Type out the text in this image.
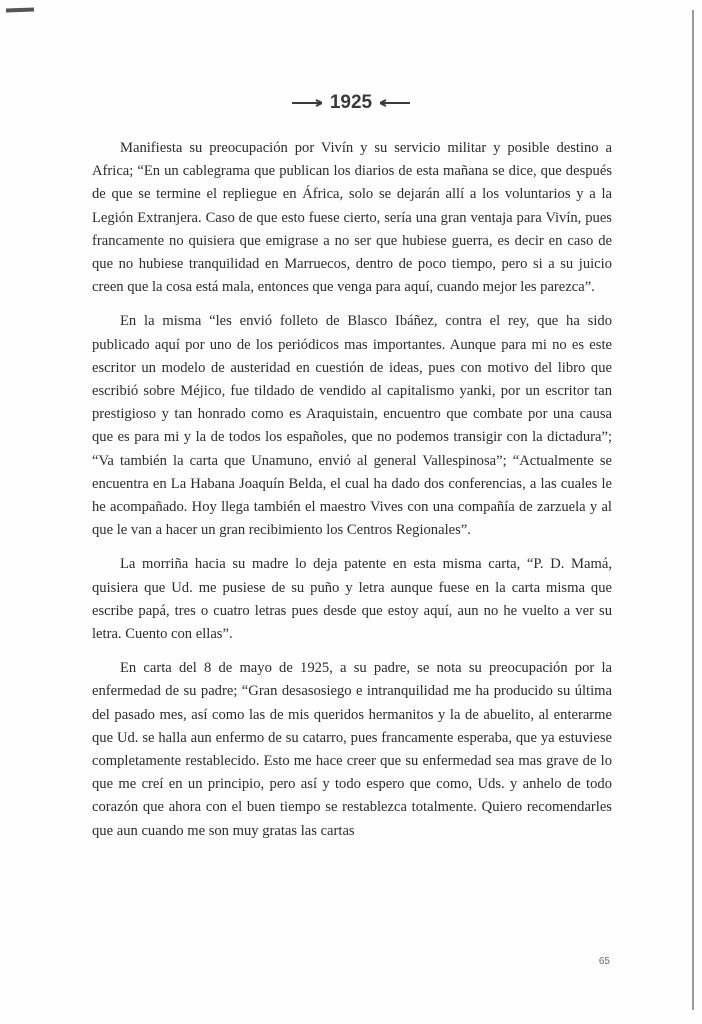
1925

Manifiesta su preocupación por Vivín y su servicio militar y posible destino a Africa; “En un cablegrama que publican los diarios de esta mañana se dice, que después de que se termine el repliegue en África, solo se dejarán allí a los voluntarios y a la Legión Extranjera. Caso de que esto fuese cierto, sería una gran ventaja para Vivín, pues francamente no quisiera que emigrase a no ser que hubiese guerra, es decir en caso de que no hubiese tranquilidad en Marruecos, dentro de poco tiempo, pero si a su juicio creen que la cosa está mala, entonces que venga para aquí, cuando mejor les parezca”.

En la misma “les envió folleto de Blasco Ibáñez, contra el rey, que ha sido publicado aquí por uno de los periódicos mas importantes. Aunque para mi no es este escritor un modelo de austeridad en cuestión de ideas, pues con motivo del libro que escribió sobre Méjico, fue tildado de vendido al capitalismo yanki, por un escritor tan prestigioso y tan honrado como es Araquistain, encuentro que combate por una causa que es para mi y la de todos los españoles, que no podemos transigir con la dictadura”; “Va también la carta que Unamuno, envió al general Vallespinosa”; “Actualmente se encuentra en La Habana Joaquín Belda, el cual ha dado dos conferencias, a las cuales le he acompañado. Hoy llega también el maestro Vives con una compañía de zarzuela y al que le van a hacer un gran recibimiento los Centros Regionales”.

La morriña hacia su madre lo deja patente en esta misma carta, “P. D. Mamá, quisiera que Ud. me pusiese de su puño y letra aunque fuese en la carta misma que escribe papá, tres o cuatro letras pues desde que estoy aquí, aun no he vuelto a ver su letra. Cuento con ellas”.

En carta del 8 de mayo de 1925, a su padre, se nota su preocupación por la enfermedad de su padre; “Gran desasosiego e intranquilidad me ha producido su última del pasado mes, así como las de mis queridos hermanitos y la de abuelito, al enterarme que Ud. se halla aun enfermo de su catarro, pues francamente esperaba, que ya estuviese completamente restablecido. Esto me hace creer que su enfermedad sea mas grave de lo que me creí en un principio, pero así y todo espero que como, Uds. y anhelo de todo corazón que ahora con el buen tiempo se restablezca totalmente. Quiero recomendarles que aun cuando me son muy gratas las cartas

65
